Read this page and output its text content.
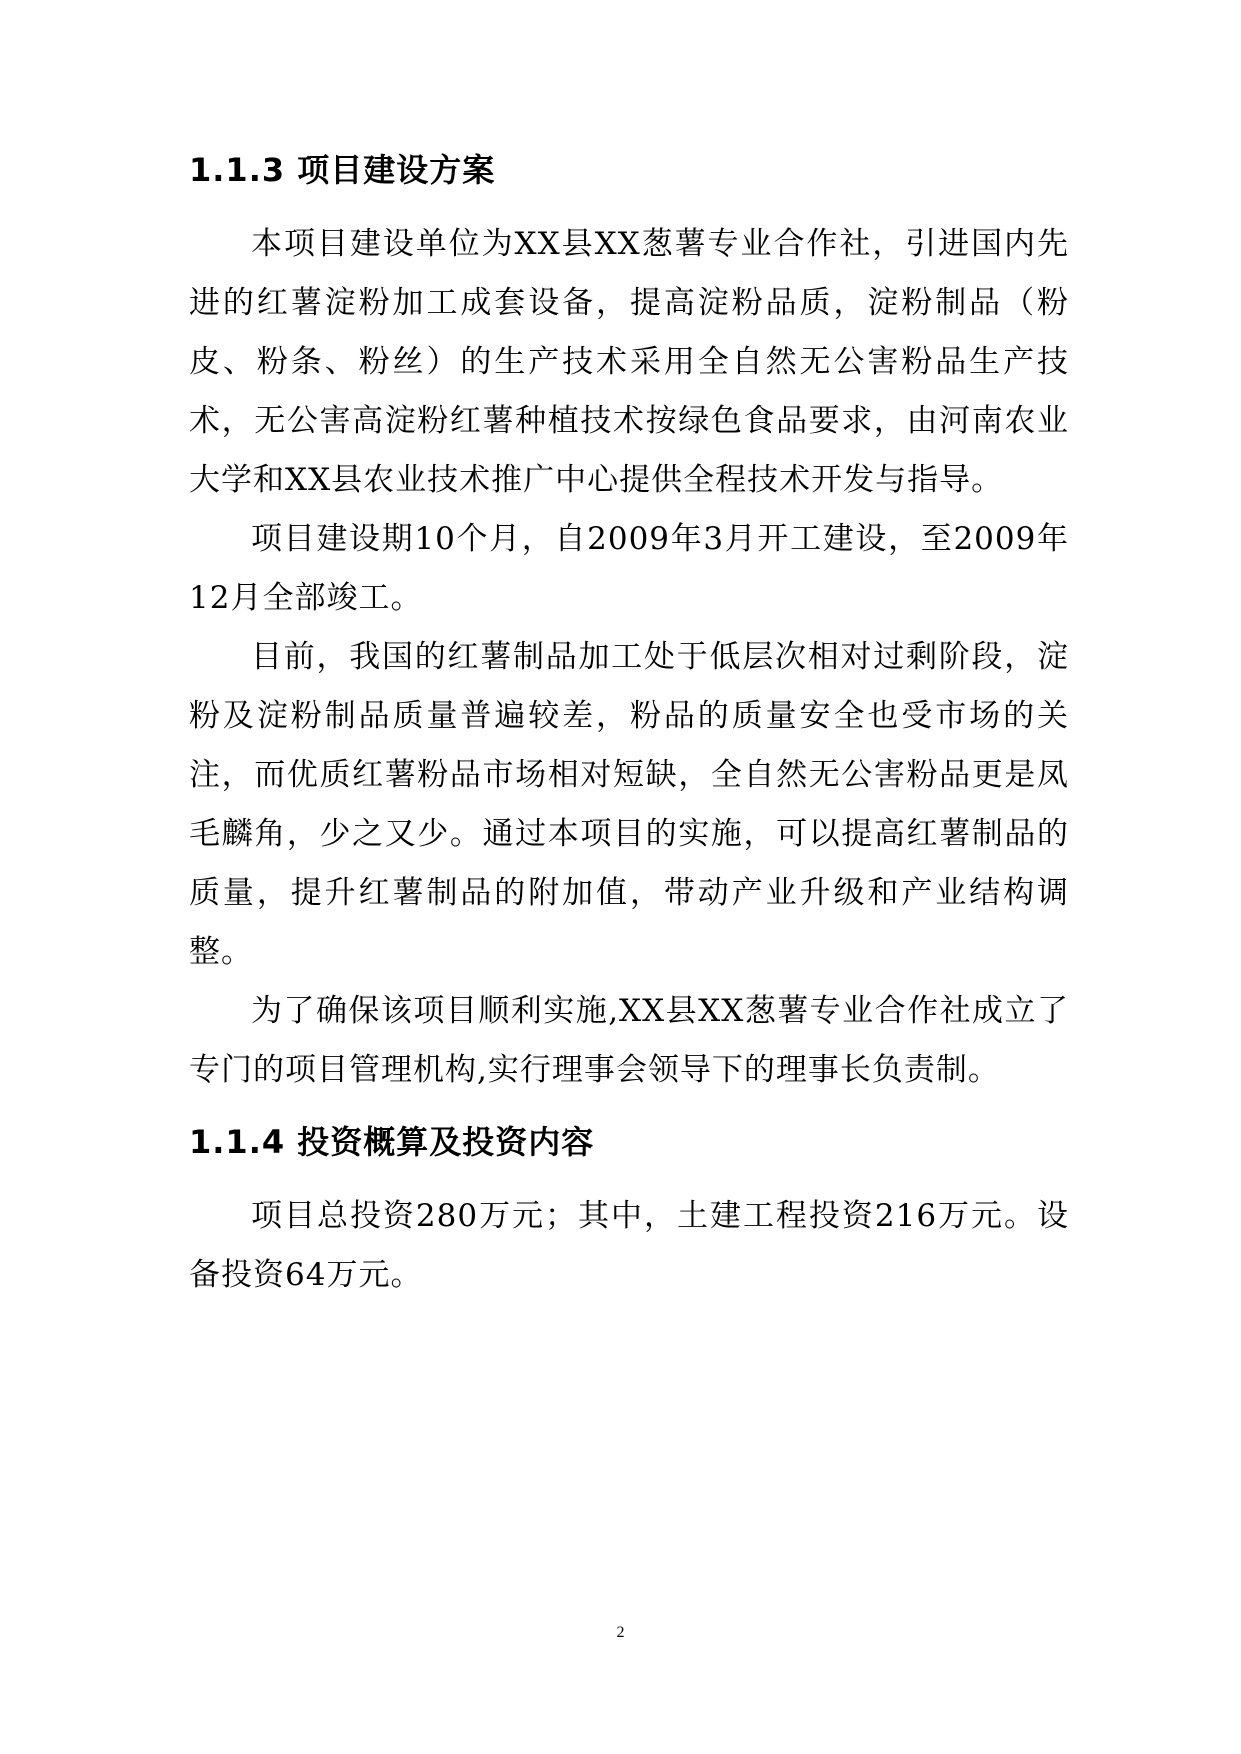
1.1.3 项目建设方案

本项目建设单位为XX县XX葱薯专业合作社，引进国内先进的红薯淀粉加工成套设备，提高淀粉品质，淀粉制品（粉皮、粉条、粉丝）的生产技术采用全自然无公害粉品生产技术，无公害高淀粉红薯种植技术按绿色食品要求，由河南农业大学和XX县农业技术推广中心提供全程技术开发与指导。

项目建设期10个月，自2009年3月开工建设，至2009年12月全部竣工。

目前，我国的红薯制品加工处于低层次相对过剩阶段，淀粉及淀粉制品质量普遍较差，粉品的质量安全也受市场的关注，而优质红薯粉品市场相对短缺，全自然无公害粉品更是凤毛麟角，少之又少。通过本项目的实施，可以提高红薯制品的质量，提升红薯制品的附加值，带动产业升级和产业结构调整。

为了确保该项目顺利实施,XX县XX葱薯专业合作社成立了专门的项目管理机构,实行理事会领导下的理事长负责制。

1.1.4 投资概算及投资内容

项目总投资280万元；其中，土建工程投资216万元。设备投资64万元。

2
